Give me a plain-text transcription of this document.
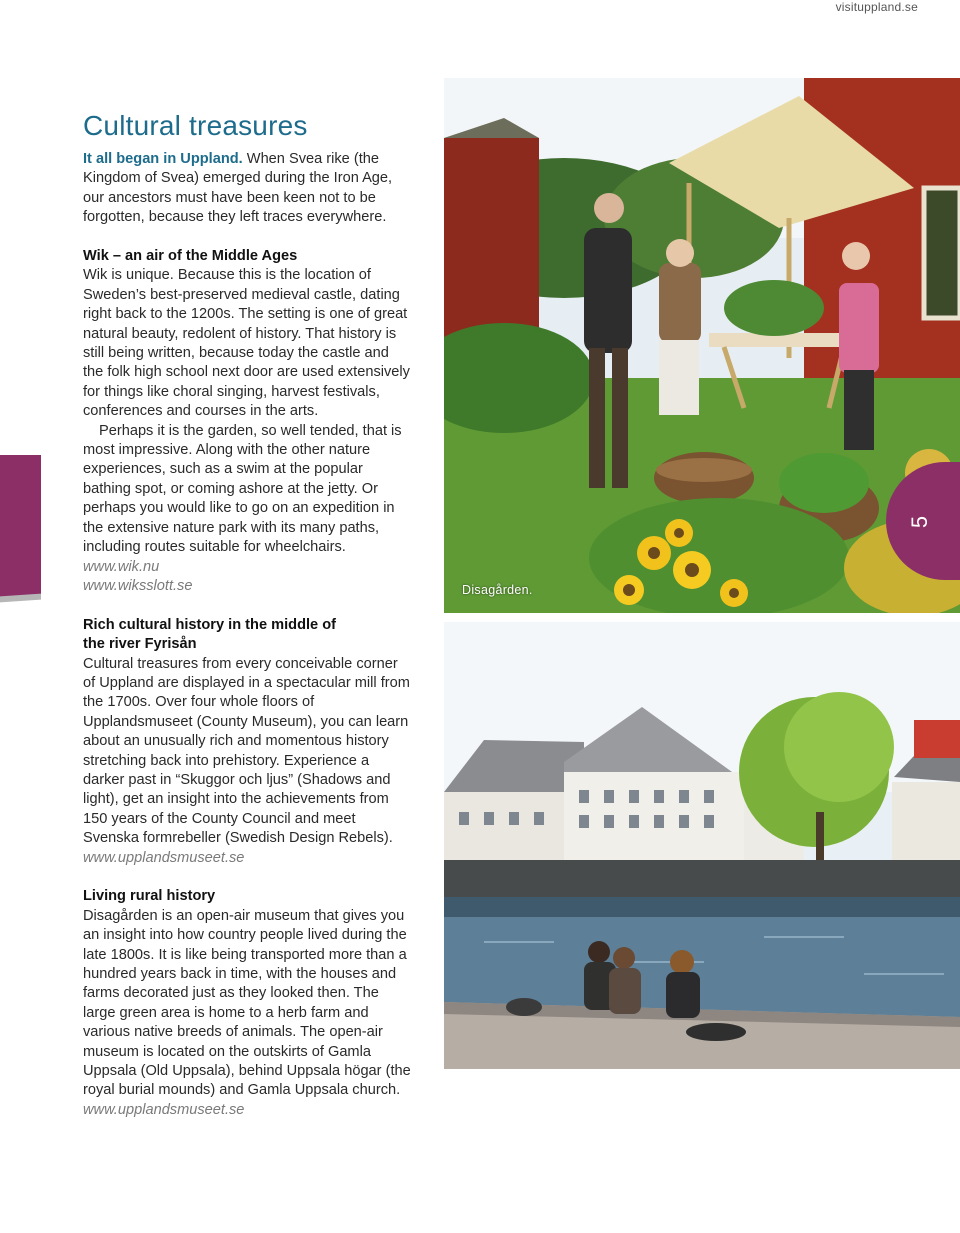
visituppland.se
Cultural treasures

It all began in Uppland. When Svea rike (the Kingdom of Svea) emerged during the Iron Age, our ancestors must have been keen not to be forgotten, because they left traces everywhere.

Wik – an air of the Middle Ages

Wik is unique. Because this is the location of Sweden’s best-preserved medieval castle, dating right back to the 1200s. The setting is one of great natural beauty, redolent of history. That history is still being written, because today the castle and the folk high school next door are used extensively for things like choral singing, harvest festivals, conferences and courses in the arts.

Perhaps it is the garden, so well tended, that is most impressive. Along with the other nature experiences, such as a swim at the popular bathing spot, or coming ashore at the jetty. Or perhaps you would like to go on an expedition in the extensive nature park with its many paths, including routes suitable for wheelchairs.

www.wik.nu

www.wiksslott.se

Rich cultural history in the middle of

the river Fyrisån

Cultural treasures from every conceivable corner of Uppland are displayed in a spectacular mill from the 1700s. Over four whole floors of Upplandsmuseet (County Museum), you can learn about an unusually rich and momentous history stretching back into prehistory. Experience a darker past in “Skuggor och ljus” (Shadows and light), get an insight into the achievements from 150 years of the County Council and meet Svenska formrebeller (Swedish Design Rebels).

www.upplandsmuseet.se

Living rural history

Disagården is an open-air museum that gives you an insight into how country people lived during the late 1800s. It is like being transported more than a hundred years back in time, with the houses and farms decorated just as they looked then. The large green area is home to a herb farm and various native breeds of animals. The open-air museum is located on the outskirts of Gamla Uppsala (Old Uppsala), behind Uppsala högar (the royal burial mounds) and Gamla Uppsala church.

www.upplandsmuseet.se

Disagården.
5
